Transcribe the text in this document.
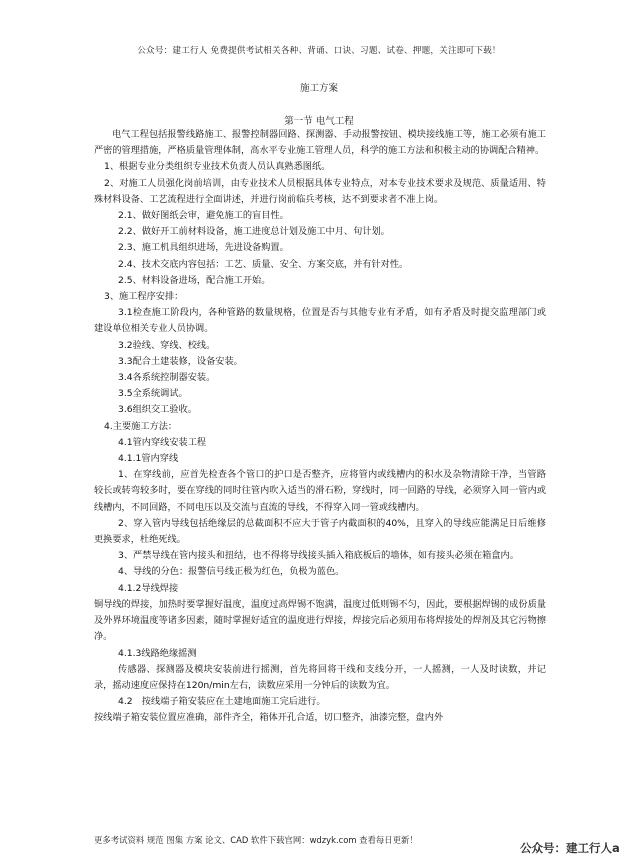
公众号：建工行人 免费提供考试相关各种、背诵、口诀、习题、试卷、押题，关注即可下载！
施工方案
第一节 电气工程

电气工程包括报警线路施工、报警控制器回路、探测器、手动报警按钮、模块接线施工等，施工必须有施工严密的管理措施，严格质量管理体制，高水平专业施工管理人员，科学的施工方法和积极主动的协调配合精神。

1、根据专业分类组织专业技术负责人员认真熟悉图纸。

2、对施工人员强化岗前培训，由专业技术人员根据具体专业特点，对本专业技术要求及规范、质量适用、特殊材料设备、工艺流程进行全面讲述，并进行岗前临兵考核，达不到要求者不准上岗。

2.1、做好图纸会审，避免施工的盲目性。

2.2、做好开工前材料设备，施工进度总计划及施工中月、旬计划。

2.3、施工机具组织进场，先进设备购置。

2.4、技术交底内容包括：工艺、质量、安全、方案交底，并有针对性。

2.5、材料设备进场，配合施工开始。

3、施工程序安排：

3.1检查施工阶段内，各种管路的数量规格，位置是否与其他专业有矛盾，如有矛盾及时提交监理部门或建设单位相关专业人员协调。

3.2验线、穿线、校线。

3.3配合土建装修，设备安装。

3.4各系统控制器安装。

3.5全系统调试。

3.6组织交工验收。

4.主要施工方法：

4.1管内穿线安装工程

4.1.1管内穿线

1、在穿线前，应首先检查各个管口的护口是否整齐，应将管内或线槽内的积水及杂物清除干净，当管路较长或转弯较多时，要在穿线的同时往管内吹入适当的滑石粉，穿线时，同一回路的导线，必须穿入同一管内或线槽内，不同回路，不同电压以及交流与直流的导线，不得穿入同一管或线槽内。

2、穿入管内导线包括绝缘层的总截面积不应大于管子内截面积的40%，且穿入的导线应能满足日后维修更换要求，杜绝死线。

3、严禁导线在管内接头和扭结，也不得将导线接头插入箱底板后的墙体，如有接头必须在箱盒内。

4、导线的分色：报警信号线正极为红色，负极为蓝色。

4.1.2导线焊接

铜导线的焊接，加热时要掌握好温度，温度过高焊锡不饱满，温度过低则锡不匀，因此，要根据焊锡的成份质量及外界环境温度等诸多因素，随时掌握好适宜的温度进行焊接，焊接完后必须用布将焊接处的焊剂及其它污物擦净。

4.1.3线路绝缘摇测

传感器、探测器及模块安装前进行摇测，首先将回将干线和支线分开，一人摇测，一人及时读数，并记录，摇动速度应保持在120n/min左右，读数应采用一分钟后的读数为宜。

4.2　按线端子箱安装应在土建地面施工完后进行。

按线端子箱安装位置应准确，部件齐全，箱体开孔合适，切口整齐，油漆完整，盘内外

更多考试资料 规范 图集 方案 论文、CAD 软件下载官网：wdzyk.com 查看每日更新！
公众号：建工行人a
